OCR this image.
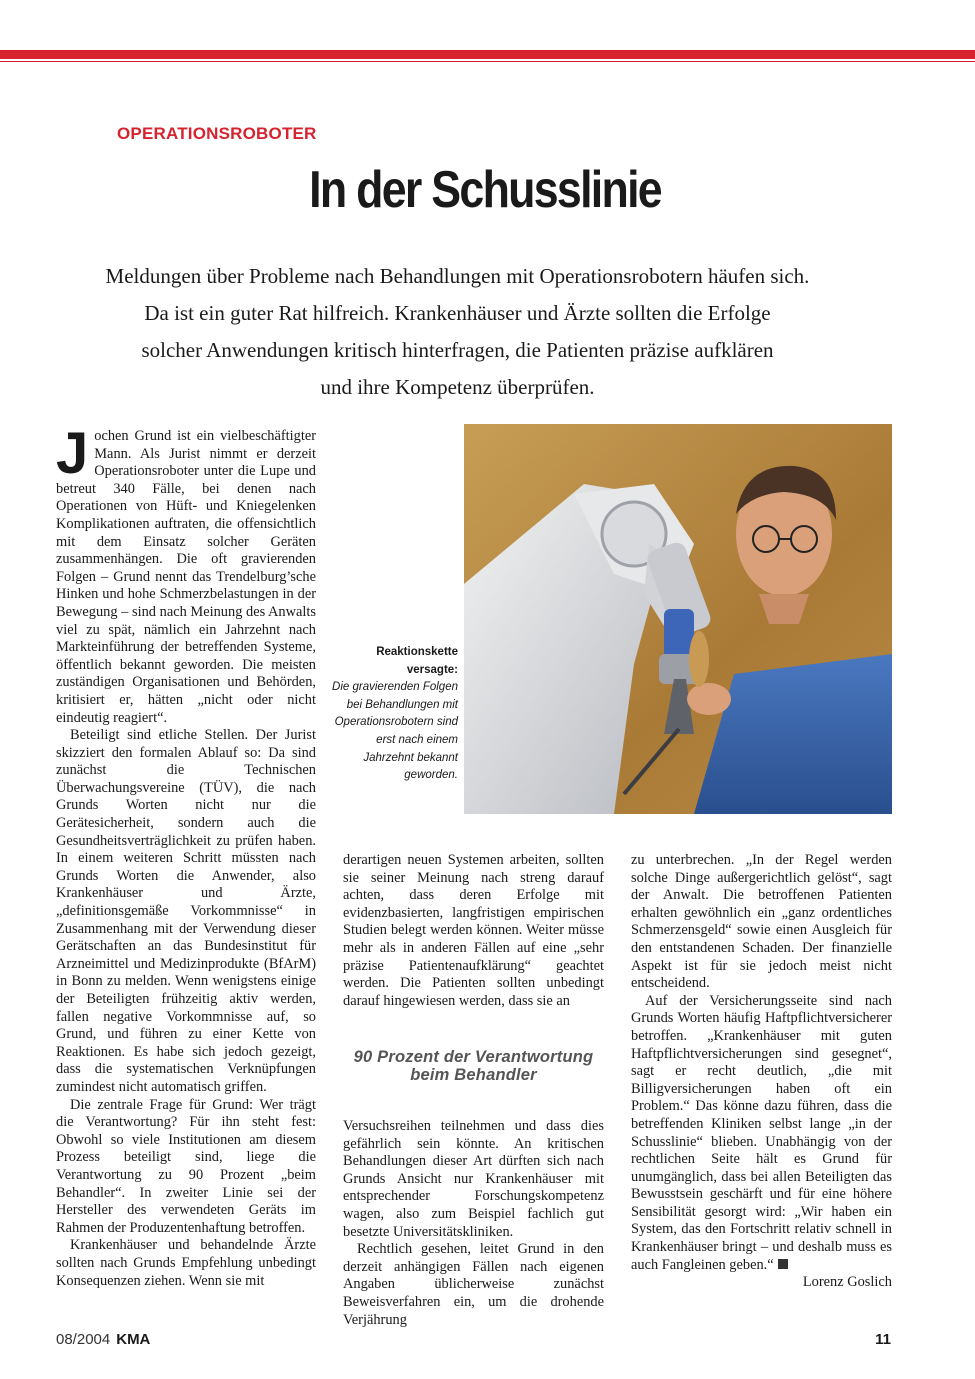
OPERATIONSROBOTER
In der Schusslinie
Meldungen über Probleme nach Behandlungen mit Operationsrobotern häufen sich.
Da ist ein guter Rat hilfreich. Krankenhäuser und Ärzte sollten die Erfolge
solcher Anwendungen kritisch hinterfragen, die Patienten präzise aufklären
und ihre Kompetenz überprüfen.

Jochen Grund ist ein vielbeschäftigter Mann. Als Jurist nimmt er derzeit Operationsroboter unter die Lupe und betreut 340 Fälle, bei denen nach Operationen von Hüft- und Kniegelenken Komplikationen auftraten, die offensichtlich mit dem Einsatz solcher Geräten zusammenhängen. Die oft gravierenden Folgen – Grund nennt das Trendelburg’sche Hinken und hohe Schmerzbelastungen in der Bewegung – sind nach Meinung des Anwalts viel zu spät, nämlich ein Jahrzehnt nach Markteinführung der betreffenden Systeme, öffentlich bekannt geworden. Die meisten zuständigen Organisationen und Behörden, kritisiert er, hätten „nicht oder nicht eindeutig reagiert“.

Beteiligt sind etliche Stellen. Der Jurist skizziert den formalen Ablauf so: Da sind zunächst die Technischen Überwachungsvereine (TÜV), die nach Grunds Worten nicht nur die Gerätesicherheit, sondern auch die Gesundheitsverträglichkeit zu prüfen haben. In einem weiteren Schritt müssten nach Grunds Worten die Anwender, also Krankenhäuser und Ärzte, „definitionsgemäße Vorkommnisse“ in Zusammenhang mit der Verwendung dieser Gerätschaften an das Bundesinstitut für Arzneimittel und Medizinprodukte (BfArM) in Bonn zu melden. Wenn wenigstens einige der Beteiligten frühzeitig aktiv werden, fallen negative Vorkommnisse auf, so Grund, und führen zu einer Kette von Reaktionen. Es habe sich jedoch gezeigt, dass die systematischen Verknüpfungen zumindest nicht automatisch griffen.

Die zentrale Frage für Grund: Wer trägt die Verantwortung? Für ihn steht fest: Obwohl so viele Institutionen am diesem Prozess beteiligt sind, liege die Verantwortung zu 90 Prozent „beim Behandler“. In zweiter Linie sei der Hersteller des verwendeten Geräts im Rahmen der Produzentenhaftung betroffen.

Krankenhäuser und behandelnde Ärzte sollten nach Grunds Empfehlung unbedingt Konsequenzen ziehen. Wenn sie mit

Reaktionskette versagte:
Die gravierenden Folgen bei Behandlungen mit Operationsrobotern sind erst nach einem Jahrzehnt bekannt geworden.

derartigen neuen Systemen arbeiten, sollten sie seiner Meinung nach streng darauf achten, dass deren Erfolge mit evidenzbasierten, langfristigen empirischen Studien belegt werden können. Weiter müsse mehr als in anderen Fällen auf eine „sehr präzise Patientenaufklärung“ geachtet werden. Die Patienten sollten unbedingt darauf hingewiesen werden, dass sie an

90 Prozent der Verantwortung beim Behandler

Versuchsreihen teilnehmen und dass dies gefährlich sein könnte. An kritischen Behandlungen dieser Art dürften sich nach Grunds Ansicht nur Krankenhäuser mit entsprechender Forschungskompetenz wagen, also zum Beispiel fachlich gut besetzte Universitätskliniken.

Rechtlich gesehen, leitet Grund in den derzeit anhängigen Fällen nach eigenen Angaben üblicherweise zunächst Beweisverfahren ein, um die drohende Verjährung

zu unterbrechen. „In der Regel werden solche Dinge außergerichtlich gelöst“, sagt der Anwalt. Die betroffenen Patienten erhalten gewöhnlich ein „ganz ordentliches Schmerzensgeld“ sowie einen Ausgleich für den entstandenen Schaden. Der finanzielle Aspekt ist für sie jedoch meist nicht entscheidend.

Auf der Versicherungsseite sind nach Grunds Worten häufig Haftpflichtversicherer betroffen. „Krankenhäuser mit guten Haftpflichtversicherungen sind gesegnet“, sagt er recht deutlich, „die mit Billigversicherungen haben oft ein Problem.“ Das könne dazu führen, dass die betreffenden Kliniken selbst lange „in der Schusslinie“ blieben. Unabhängig von der rechtlichen Seite hält es Grund für unumgänglich, dass bei allen Beteiligten das Bewusstsein geschärft und für eine höhere Sensibilität gesorgt wird: „Wir haben ein System, das den Fortschritt relativ schnell in Krankenhäuser bringt – und deshalb muss es auch Fangleinen geben.“

Lorenz Goslich
08/2004 KMA	11
